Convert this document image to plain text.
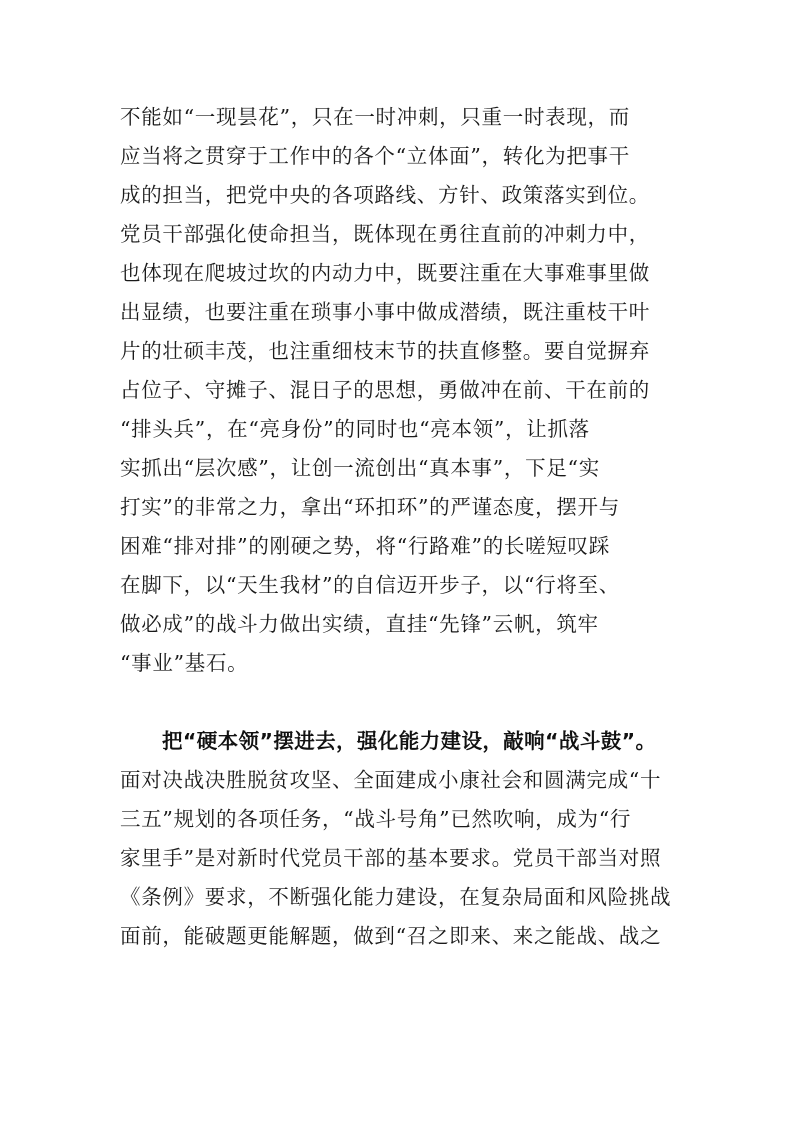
不能如“一现昙花”，只在一时冲刺，只重一时表现，而
应当将之贯穿于工作中的各个“立体面”，转化为把事干
成的担当，把党中央的各项路线、方针、政策落实到位。
党员干部强化使命担当，既体现在勇往直前的冲刺力中，
也体现在爬坡过坎的内动力中，既要注重在大事难事里做
出显绩，也要注重在琐事小事中做成潜绩，既注重枝干叶
片的壮硕丰茂，也注重细枝末节的扶直修整。要自觉摒弃
占位子、守摊子、混日子的思想，勇做冲在前、干在前的
“排头兵”，在“亮身份”的同时也“亮本领”，让抓落
实抓出“层次感”，让创一流创出“真本事”，下足“实
打实”的非常之力，拿出“环扣环”的严谨态度，摆开与
困难“排对排”的刚硬之势，将“行路难”的长嗟短叹踩
在脚下，以“天生我材”的自信迈开步子，以“行将至、
做必成”的战斗力做出实绩，直挂“先锋”云帆，筑牢
“事业”基石。
把“硬本领”摆进去，强化能力建设，敲响“战斗鼓”。
面对决战决胜脱贫攻坚、全面建成小康社会和圆满完成“十
三五”规划的各项任务，“战斗号角”已然吹响，成为“行
家里手”是对新时代党员干部的基本要求。党员干部当对照
《条例》要求，不断强化能力建设，在复杂局面和风险挑战
面前，能破题更能解题，做到“召之即来、来之能战、战之
